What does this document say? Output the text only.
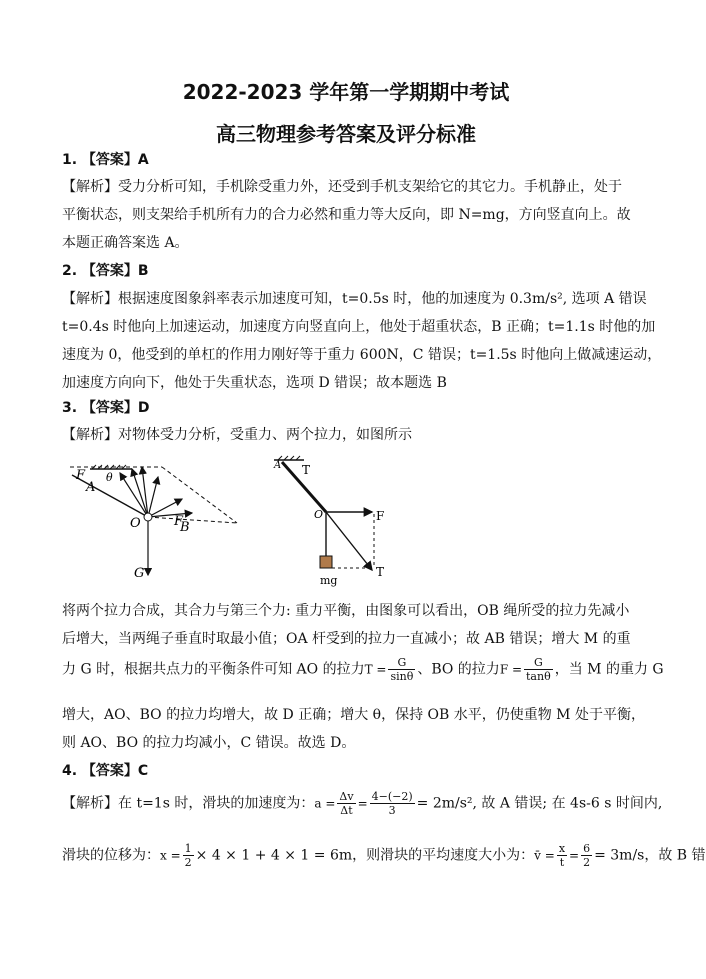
2022-2023 学年第一学期期中考试
高三物理参考答案及评分标准
1. 【答案】A
【解析】受力分析可知，手机除受重力外，还受到手机支架给它的其它力。手机静止，处于
平衡状态，则支架给手机所有力的合力必然和重力等大反向，即 N=mg，方向竖直向上。故
本题正确答案选 A。
2. 【答案】B
【解析】根据速度图象斜率表示加速度可知，t=0.5s 时，他的加速度为 0.3m/s², 选项 A 错误
t=0.4s 时他向上加速运动，加速度方向竖直向上，他处于超重状态，B 正确；t=1.1s 时他的加
速度为 0，他受到的单杠的作用力刚好等于重力 600N，C 错误；t=1.5s 时他向上做减速运动，
加速度方向向下，他处于失重状态，选项 D 错误；故本题选 B
3. 【答案】D
【解析】对物体受力分析，受重力、两个拉力，如图所示
A
F θ
O	F
B
G
A T
O	F
mg
T
将两个拉力合成，其合力与第三个力: 重力平衡，由图象可以看出，OB 绳所受的拉力先减小
后增大，当两绳子垂直时取最小值；OA 杆受到的拉力一直减小；故 AB 错误；增大 M 的重
力 G 时，根据共点力的平衡条件可知 AO 的拉力$T = \frac{G}{\sin\theta}$ 、BO 的拉力$F = \frac{G}{\tan\theta}$ ，当 M 的重力 G
增大，AO、BO 的拉力均增大，故 D 正确；增大 θ，保持 OB 水平，仍使重物 M 处于平衡，
则 AO、BO 的拉力均减小，C 错误。故选 D。
4. 【答案】C
【解析】在 t=1s 时，滑块的加速度为：$a = \frac{\Delta v}{\Delta t} = \frac{4-(-2)}{3} = 2m/s^2$, 故 A 错误; 在 4s-6 s 时间内,
滑块的位移为：$x = \frac{1}{2} \times 4 \times 1 + 4 \times 1 = 6m$，则滑块的平均速度大小为：v̄ = $\frac{x}{t} = \frac{6}{2} = 3m/s$，故 B 错
